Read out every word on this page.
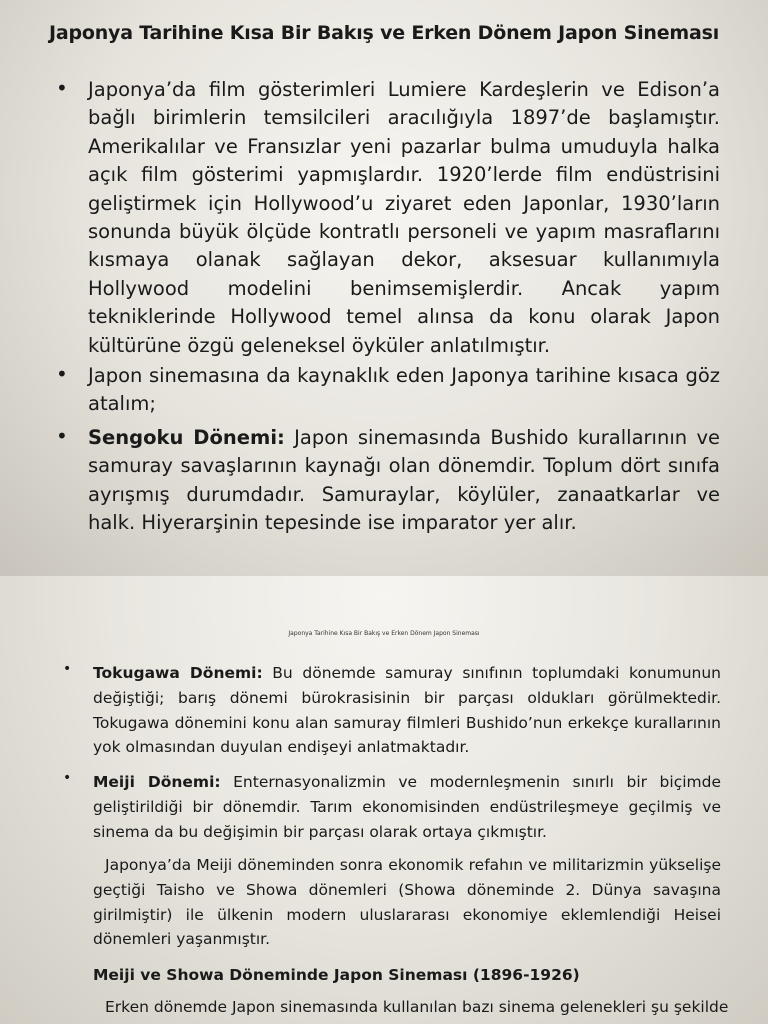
Japonya Tarihine Kısa Bir Bakış ve Erken Dönem Japon Sineması
• Japonya’da film gösterimleri Lumiere Kardeşlerin ve Edison’a bağlı birimlerin temsilcileri aracılığıyla 1897’de başlamıştır. Amerikalılar ve Fransızlar yeni pazarlar bulma umuduyla halka açık film gösterimi yapmışlardır. 1920’lerde film endüstrisini geliştirmek için Hollywood’u ziyaret eden Japonlar, 1930’ların sonunda büyük ölçüde kontratlı personeli ve yapım masraflarını kısmaya olanak sağlayan dekor, aksesuar kullanımıyla Hollywood modelini benimsemişlerdir. Ancak yapım tekniklerinde Hollywood temel alınsa da konu olarak Japon kültürüne özgü geleneksel öyküler anlatılmıştır.
• Japon sinemasına da kaynaklık eden Japonya tarihine kısaca göz atalım;
• Sengoku Dönemi: Japon sinemasında Bushido kurallarının ve samuray savaşlarının kaynağı olan dönemdir. Toplum dört sınıfa ayrışmış durumdadır. Samuraylar, köylüler, zanaatkarlar ve halk. Hiyerarşinin tepesinde ise imparator yer alır.
Japonya Tarihine Kısa Bir Bakış ve Erken Dönem Japon Sineması
• Tokugawa Dönemi: Bu dönemde samuray sınıfının toplumdaki konumunun değiştiği; barış dönemi bürokrasisinin bir parçası oldukları görülmektedir. Tokugawa dönemini konu alan samuray filmleri Bushido’nun erkekçe kurallarının yok olmasından duyulan endişeyi anlatmaktadır.
• Meiji Dönemi: Enternasyonalizmin ve modernleşmenin sınırlı bir biçimde geliştirildiği bir dönemdir. Tarım ekonomisinden endüstrileşmeye geçilmiş ve sinema da bu değişimin bir parçası olarak ortaya çıkmıştır.
Japonya’da Meiji döneminden sonra ekonomik refahın ve militarizmin yükselişe geçtiği Taisho ve Showa dönemleri (Showa döneminde 2. Dünya savaşına girilmiştir) ile ülkenin modern uluslararası ekonomiye eklemlendiği Heisei dönemleri yaşanmıştır.
Meiji ve Showa Döneminde Japon Sineması (1896-1926)
Erken dönemde Japon sinemasında kullanılan bazı sinema gelenekleri şu şekilde
